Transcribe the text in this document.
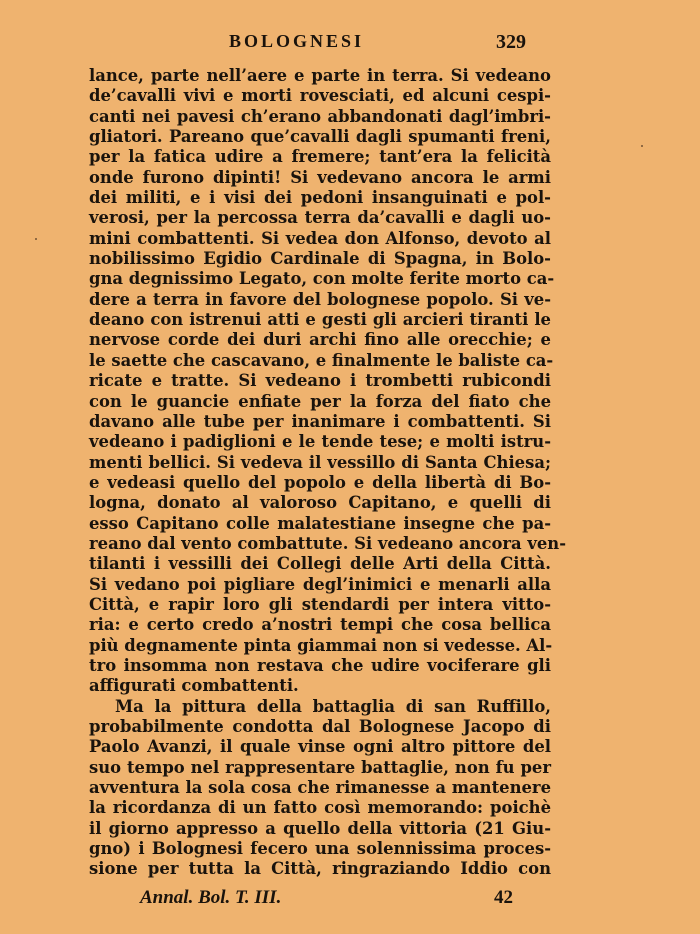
BOLOGNESI	329
lance, parte nell’aere e parte in terra. Si vedeano
de’cavalli vivi e morti rovesciati, ed alcuni cespi-
canti nei pavesi ch’erano abbandonati dagl’imbri-
gliatori. Pareano que’cavalli dagli spumanti freni,
per la fatica udire a fremere; tant’era la felicità
onde furono dipinti! Si vedevano ancora le armi
dei militi, e i visi dei pedoni insanguinati e pol-
verosi, per la percossa terra da’cavalli e dagli uo-
mini combattenti. Si vedea don Alfonso, devoto al
nobilissimo Egidio Cardinale di Spagna, in Bolo-
gna degnissimo Legato, con molte ferite morto ca-
dere a terra in favore del bolognese popolo. Si ve-
deano con istrenui atti e gesti gli arcieri tiranti le
nervose corde dei duri archi fino alle orecchie; e
le saette che cascavano, e finalmente le baliste ca-
ricate e tratte. Si vedeano i trombetti rubicondi
con le guancie enfiate per la forza del fiato che
davano alle tube per inanimare i combattenti. Si
vedeano i padiglioni e le tende tese; e molti istru-
menti bellici. Si vedeva il vessillo di Santa Chiesa;
e vedeasi quello del popolo e della libertà di Bo-
logna, donato al valoroso Capitano, e quelli di
esso Capitano colle malatestiane insegne che pa-
reano dal vento combattute. Si vedeano ancora ven-
tilanti i vessilli dei Collegi delle Arti della Città.
Si vedano poi pigliare degl’inimici e menarli alla
Città, e rapir loro gli stendardi per intera vitto-
ria: e certo credo a’nostri tempi che cosa bellica
più degnamente pinta giammai non si vedesse. Al-
tro insomma non restava che udire vociferare gli
affigurati combattenti.
Ma la pittura della battaglia di san Ruffillo,
probabilmente condotta dal Bolognese Jacopo di
Paolo Avanzi, il quale vinse ogni altro pittore del
suo tempo nel rappresentare battaglie, non fu per
avventura la sola cosa che rimanesse a mantenere
la ricordanza di un fatto così memorando: poichè
il giorno appresso a quello della vittoria (21 Giu-
gno) i Bolognesi fecero una solennissima proces-
sione per tutta la Città, ringraziando Iddio con
Annal. Bol. T. III.	42
